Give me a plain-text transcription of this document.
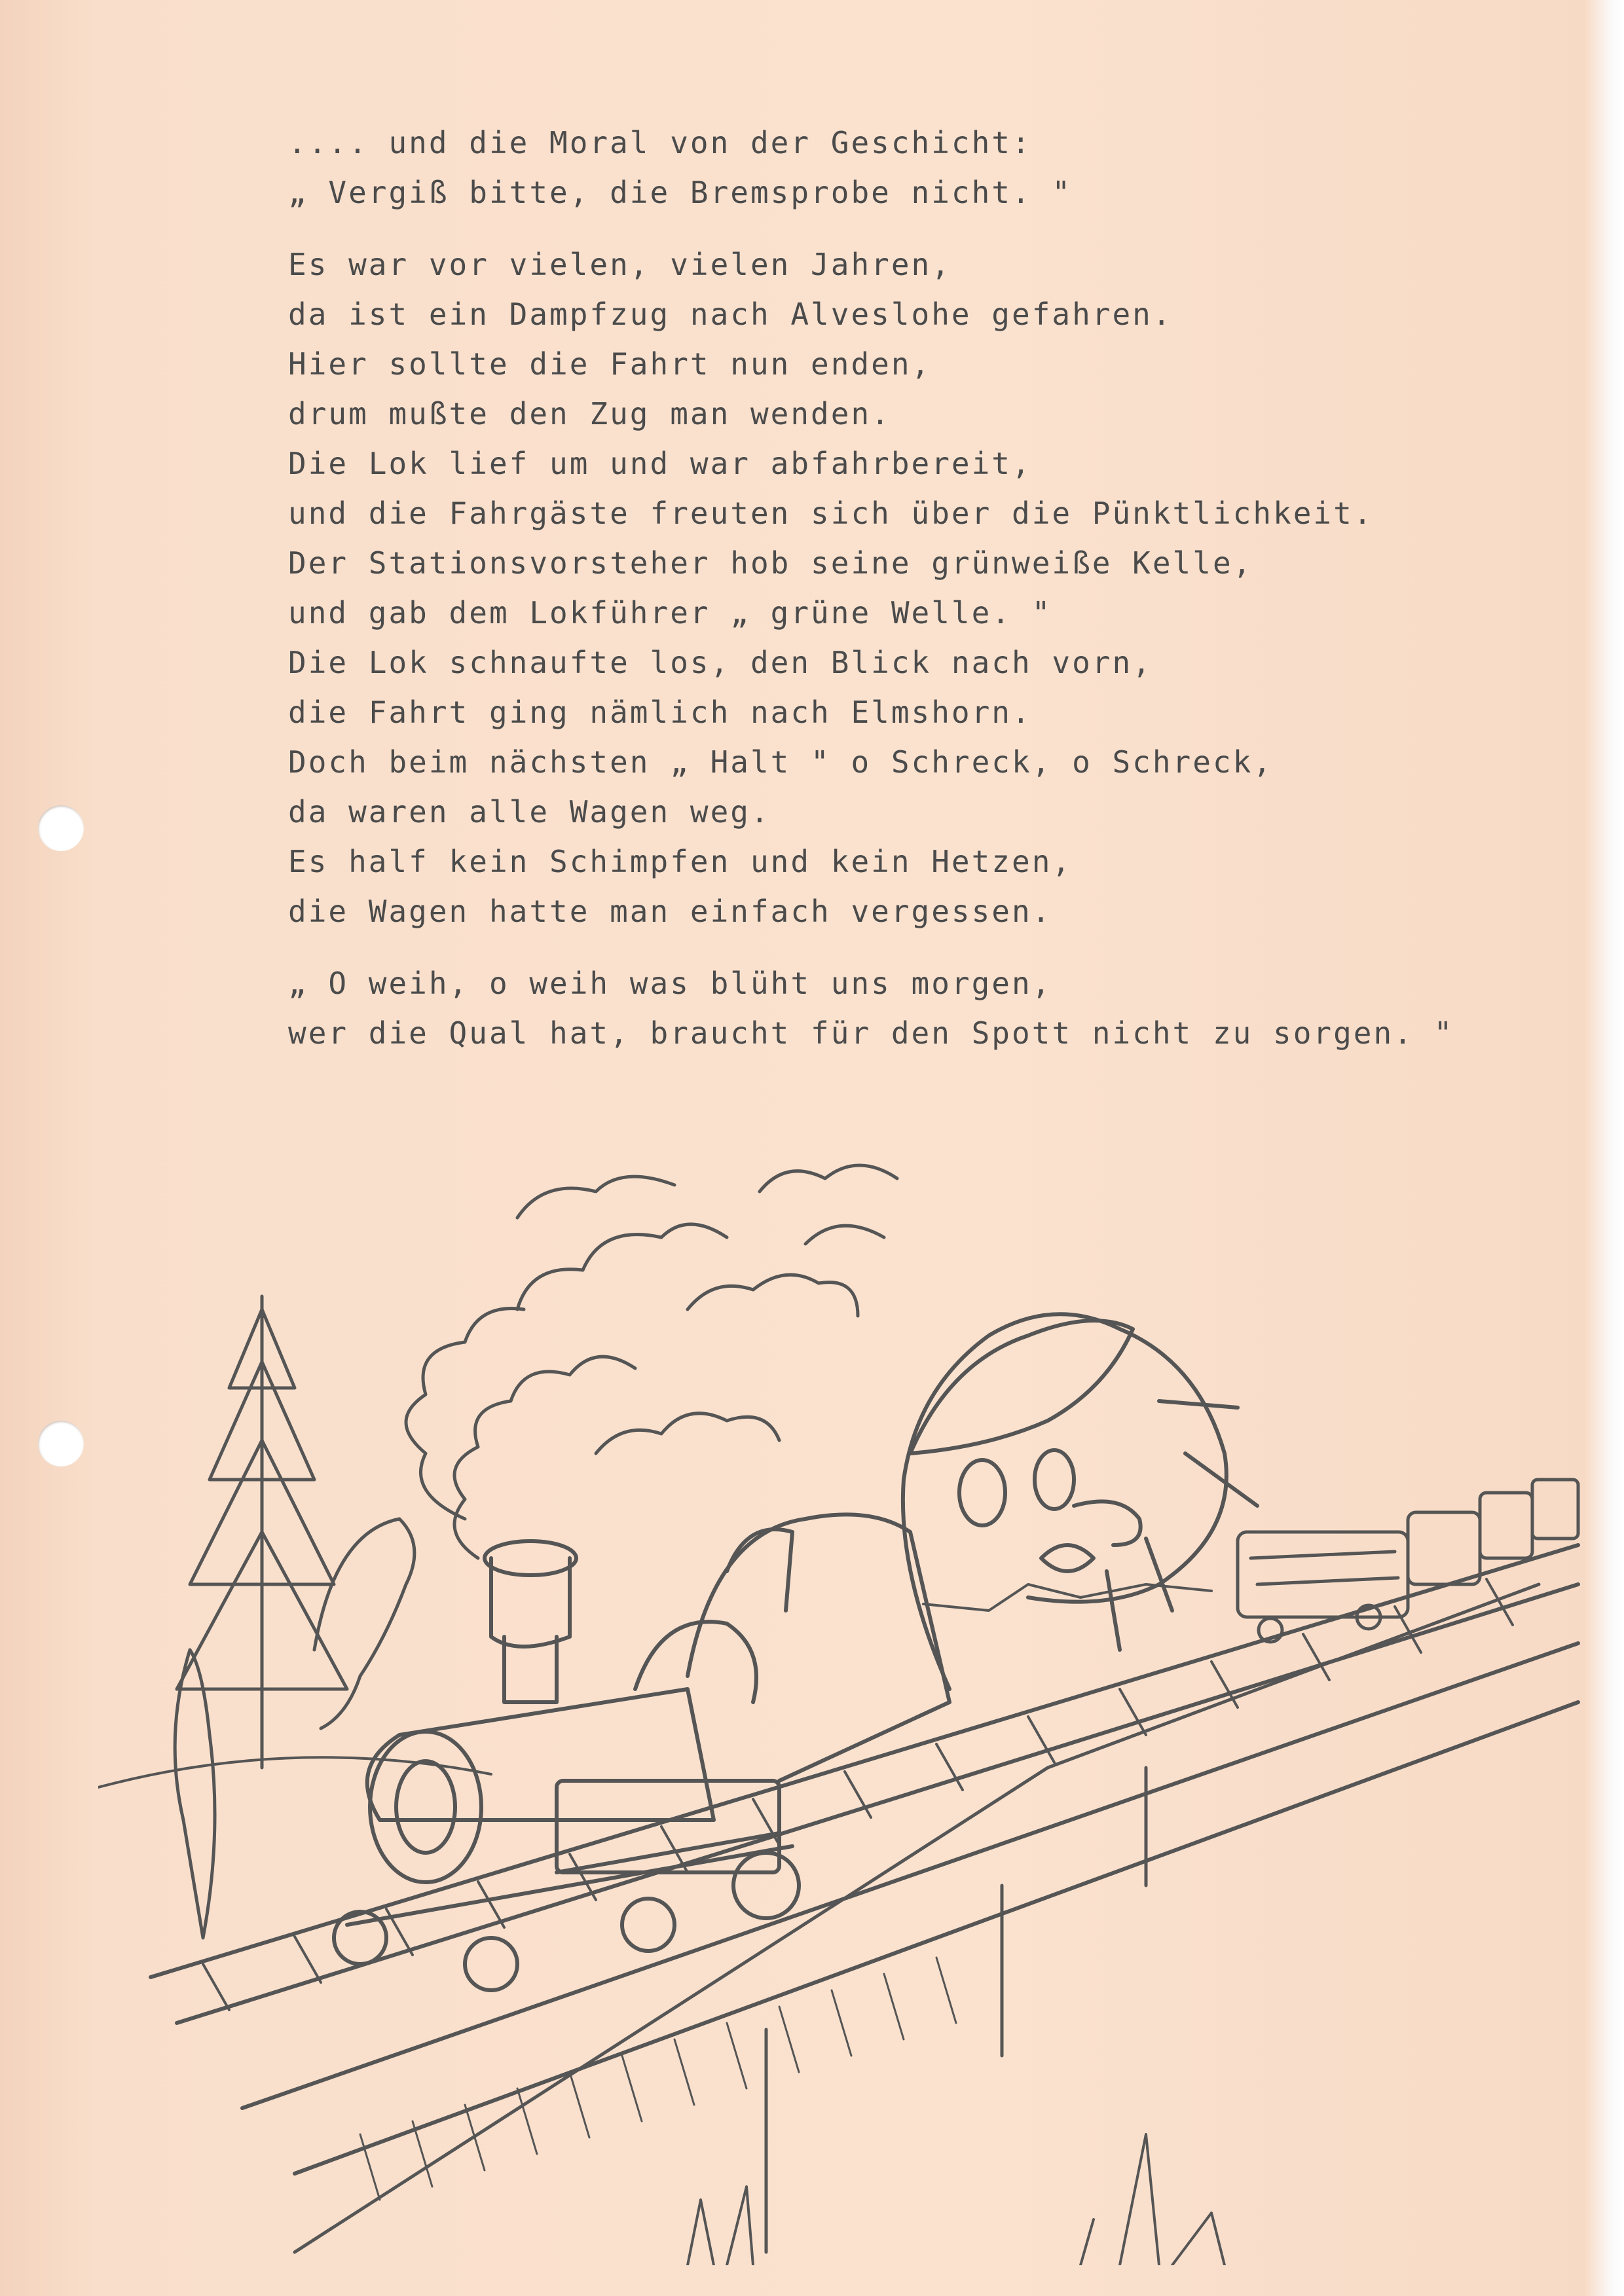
.... und die Moral von der Geschicht:
„ Vergiß bitte, die Bremsprobe nicht. "
Es war vor vielen, vielen Jahren,
da ist ein Dampfzug nach Alveslohe gefahren.
Hier sollte die Fahrt nun enden,
drum mußte den Zug man wenden.
Die Lok lief um und war abfahrbereit,
und die Fahrgäste freuten sich über die Pünktlichkeit.
Der Stationsvorsteher hob seine grünweiße Kelle,
und gab dem Lokführer „ grüne Welle. "
Die Lok schnaufte los, den Blick nach vorn,
die Fahrt ging nämlich nach Elmshorn.
Doch beim nächsten „ Halt " o Schreck, o Schreck,
da waren alle Wagen weg.
Es half kein Schimpfen und kein Hetzen,
die Wagen hatte man einfach vergessen.
„ O weih, o weih was blüht uns morgen,
wer die Qual hat, braucht für den Spott nicht zu sorgen. "
